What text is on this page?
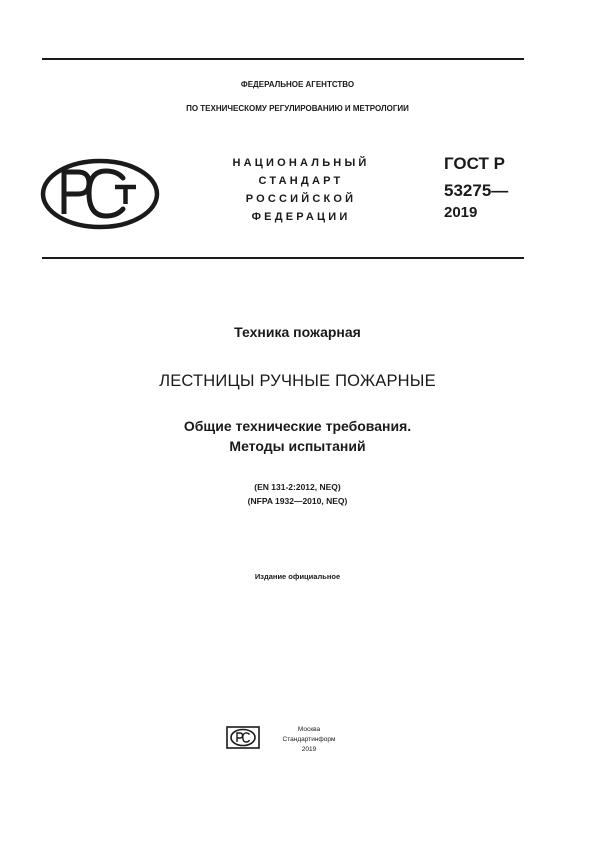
ФЕДЕРАЛЬНОЕ АГЕНТСТВО
ПО ТЕХНИЧЕСКОМУ РЕГУЛИРОВАНИЮ И МЕТРОЛОГИИ
НАЦИОНАЛЬНЫЙ
СТАНДАРТ
РОССИЙСКОЙ
ФЕДЕРАЦИИ
ГОСТ Р
53275—
2019
Техника пожарная
ЛЕСТНИЦЫ РУЧНЫЕ ПОЖАРНЫЕ
Общие технические требования.
Методы испытаний
(EN 131-2:2012, NEQ)
(NFPA 1932—2010, NEQ)
Издание официальное
Москва
Стандартинформ
2019
